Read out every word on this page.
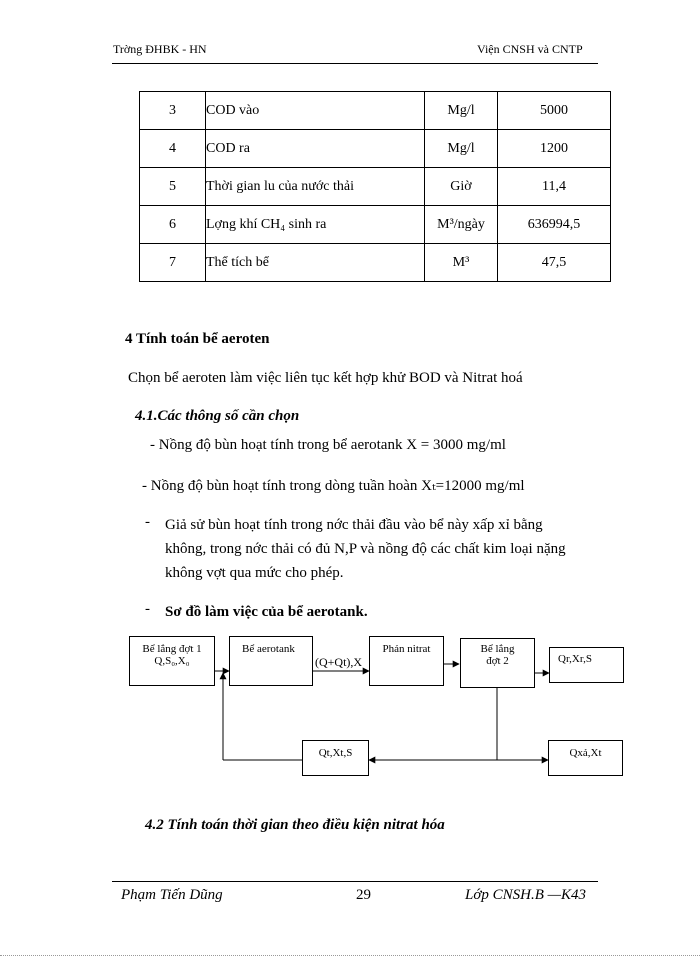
Trờng ĐHBK - HN	Viện CNSH và CNTP
3	COD vào	Mg/l	5000
4	COD ra	Mg/l	1200
5	Thời gian lu của nước thải	Giờ	11,4
6	Lợng khí CH₄ sinh ra	M³/ngày	636994,5
7	Thể tích bể	M³	47,5
4 Tính toán bể aeroten
Chọn bể aeroten làm việc liên tục kết hợp khử BOD và Nitrat hoá
4.1.Các thông số cần chọn
- Nồng độ bùn hoạt tính trong bể aerotank X = 3000 mg/ml
- Nồng độ bùn hoạt tính trong dòng tuần hoàn Xₜ=12000 mg/ml
- Giả sử bùn hoạt tính trong nớc thải đầu vào bể này xấp xỉ bằng
không, trong nớc thải có đủ N,P và nồng độ các chất kim loại nặng
không vợt qua mức cho phép.
- Sơ đồ làm việc của bể aerotank.
Bể lắng đợt 1
Q,S₀,X₀
Bể aerotank
(Q+Qt),X
Phản nitrat	Bể lắng
đợt 2	Qr,Xr,S
Qt,Xt,S	Qxả,Xt
4.2 Tính toán thời gian theo điều kiện nitrat hóa
Phạm Tiến Dũng	29	Lớp CNSH.B —K43
